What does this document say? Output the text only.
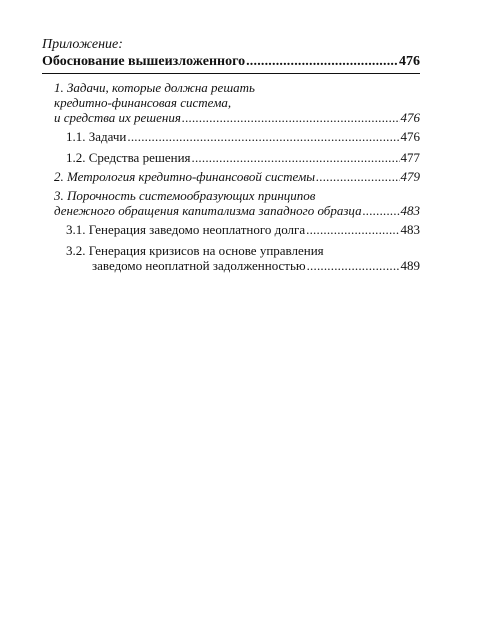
Приложение:
Обоснование вышеизложенного .....	476
1. Задачи, которые должна решать
кредитно-финансовая система,
и средства их решения .....	476
1.1. Задачи .....	476
1.2. Средства решения .....	477
2. Метрология кредитно-финансовой системы .....	479
3. Порочность системообразующих принципов
денежного обращения капитализма западного образца .....	483
3.1. Генерация заведомо неоплатного долга .....	483
3.2. Генерация кризисов на основе управления
заведомо неоплатной задолженностью .....	489
